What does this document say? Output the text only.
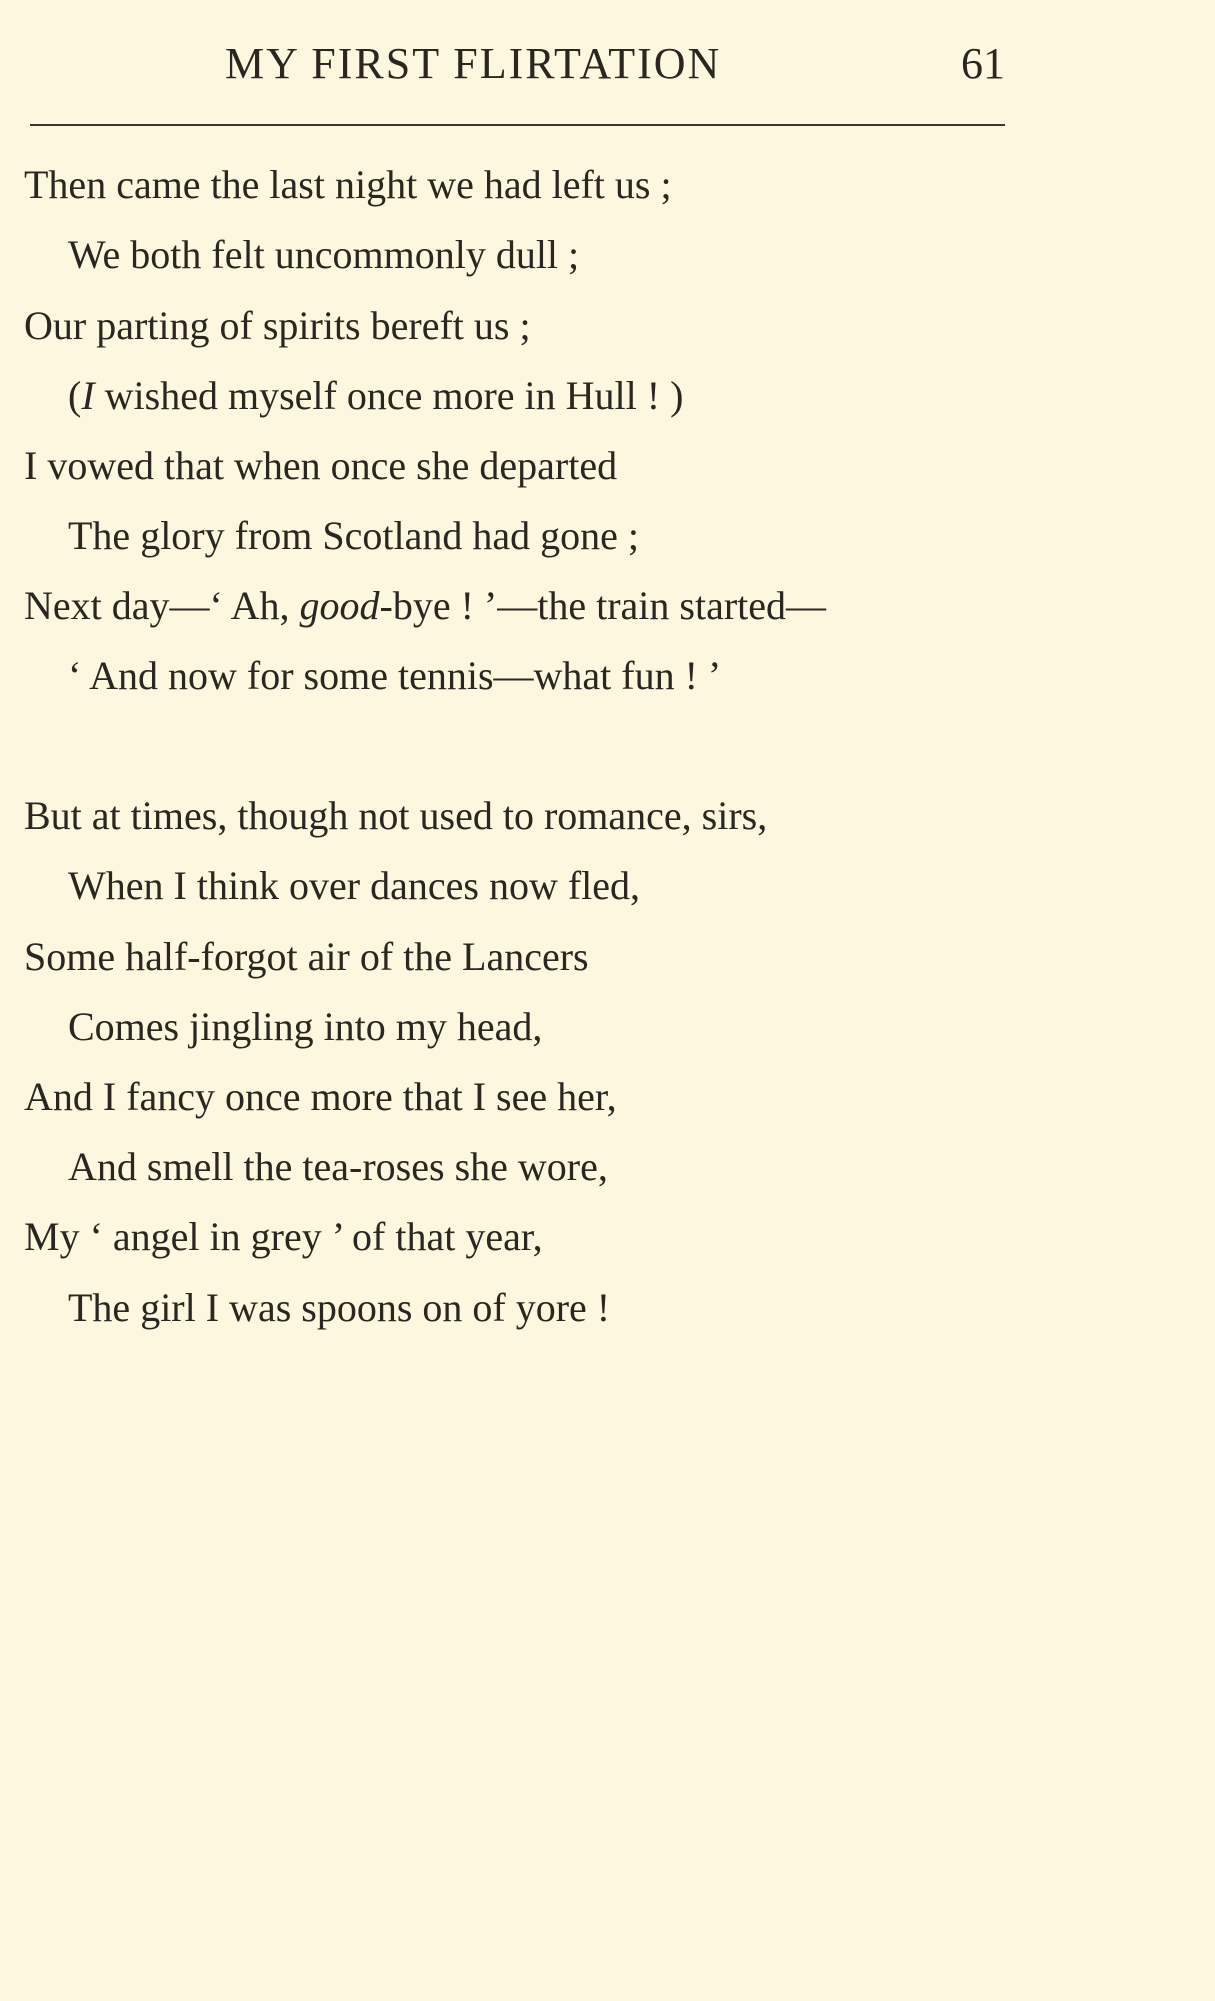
MY FIRST FLIRTATION	61
Then came the last night we had left us ;
We both felt uncommonly dull ;
Our parting of spirits bereft us ;
(I wished myself once more in Hull ! )
I vowed that when once she departed
The glory from Scotland had gone ;
Next day—‘ Ah, good-bye ! ’—the train started—
‘ And now for some tennis—what fun ! ’
But at times, though not used to romance, sirs,
When I think over dances now fled,
Some half-forgot air of the Lancers
Comes jingling into my head,
And I fancy once more that I see her,
And smell the tea-roses she wore,
My ‘ angel in grey ’ of that year,
The girl I was spoons on of yore !
